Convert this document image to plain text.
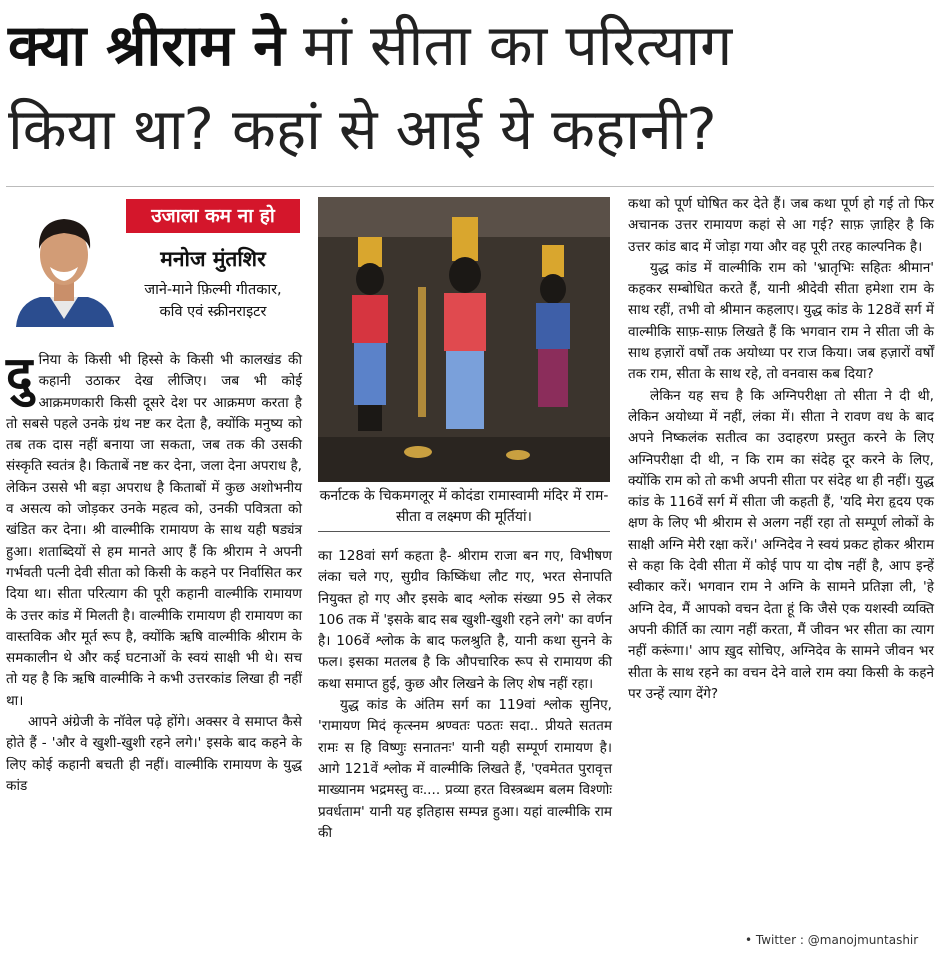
क्या श्रीराम ने मां सीता का परित्याग
किया था? कहां से आई ये कहानी?
उजाला कम ना हो
मनोज मुंतशिर
जाने-माने फ़िल्मी गीतकार,
कवि एवं स्क्रीनराइटर

दुनिया के किसी भी हिस्से के किसी भी कालखंड की कहानी उठाकर देख लीजिए। जब भी कोई आक्रमणकारी किसी दूसरे देश पर आक्रमण करता है तो सबसे पहले उनके ग्रंथ नष्ट कर देता है, क्योंकि मनुष्य को तब तक दास नहीं बनाया जा सकता, जब तक की उसकी संस्कृति स्वतंत्र है। किताबें नष्ट कर देना, जला देना अपराध है, लेकिन उससे भी बड़ा अपराध है किताबों में कुछ अशोभनीय व असत्य को जोड़कर उनके महत्व को, उनकी पवित्रता को खंडित कर देना। श्री वाल्मीकि रामायण के साथ यही षड्यंत्र हुआ। शताब्दियों से हम मानते आए हैं कि श्रीराम ने अपनी गर्भवती पत्नी देवी सीता को किसी के कहने पर निर्वासित कर दिया था। सीता परित्याग की पूरी कहानी वाल्मीकि रामायण के उत्तर कांड में मिलती है। वाल्मीकि रामायण ही रामायण का वास्तविक और मूर्त रूप है, क्योंकि ऋषि वाल्मीकि श्रीराम के समकालीन थे और कई घटनाओं के स्वयं साक्षी भी थे। सच तो यह है कि ऋषि वाल्मीकि ने कभी उत्तरकांड लिखा ही नहीं था।

आपने अंग्रेजी के नॉवेल पढ़े होंगे। अक्सर वे समाप्त कैसे होते हैं - 'और वे खुशी-खुशी रहने लगे।' इसके बाद कहने के लिए कोई कहानी बचती ही नहीं। वाल्मीकि रामायण के युद्ध कांड

कर्नाटक के चिकमगलूर में कोदंडा रामास्वामी मंदिर में राम-सीता व लक्ष्मण की मूर्तियां।

का 128वां सर्ग कहता है- श्रीराम राजा बन गए, विभीषण लंका चले गए, सुग्रीव किष्किंधा लौट गए, भरत सेनापति नियुक्त हो गए और इसके बाद श्लोक संख्या 95 से लेकर 106 तक में 'इसके बाद सब खुशी-खुशी रहने लगे' का वर्णन है। 106वें श्लोक के बाद फलश्रुति है, यानी कथा सुनने के फल। इसका मतलब है कि औपचारिक रूप से रामायण की कथा समाप्त हुई, कुछ और लिखने के लिए शेष नहीं रहा।

युद्ध कांड के अंतिम सर्ग का 119वां श्लोक सुनिए, 'रामायण मिदं कृत्स्नम श्रण्वतः पठतः सदा.. प्रीयते सततम रामः स हि विष्णुः सनातनः' यानी यही सम्पूर्ण रामायण है। आगे 121वें श्लोक में वाल्मीकि लिखते हैं, 'एवमेतत पुरावृत्त माख्यानम भद्रमस्तु वः.... प्रव्या हरत विस्त्रब्धम बलम विश्णोः प्रवर्धताम' यानी यह इतिहास सम्पन्न हुआ। यहां वाल्मीकि राम की

कथा को पूर्ण घोषित कर देते हैं। जब कथा पूर्ण हो गई तो फिर अचानक उत्तर रामायण कहां से आ गई? साफ़ ज़ाहिर है कि उत्तर कांड बाद में जोड़ा गया और वह पूरी तरह काल्पनिक है।

युद्ध कांड में वाल्मीकि राम को 'भ्रातृभिः सहितः श्रीमान' कहकर सम्बोधित करते हैं, यानी श्रीदेवी सीता हमेशा राम के साथ रहीं, तभी वो श्रीमान कहलाए। युद्ध कांड के 128वें सर्ग में वाल्मीकि साफ़-साफ़ लिखते हैं कि भगवान राम ने सीता जी के साथ हज़ारों वर्षों तक अयोध्या पर राज किया। जब हज़ारों वर्षों तक राम, सीता के साथ रहे, तो वनवास कब दिया?

लेकिन यह सच है कि अग्निपरीक्षा तो सीता ने दी थी, लेकिन अयोध्या में नहीं, लंका में। सीता ने रावण वध के बाद अपने निष्कलंक सतीत्व का उदाहरण प्रस्तुत करने के लिए अग्निपरीक्षा दी थी, न कि राम का संदेह दूर करने के लिए, क्योंकि राम को तो कभी अपनी सीता पर संदेह था ही नहीं। युद्ध कांड के 116वें सर्ग में सीता जी कहती हैं, 'यदि मेरा हृदय एक क्षण के लिए भी श्रीराम से अलग नहीं रहा तो सम्पूर्ण लोकों के साक्षी अग्नि मेरी रक्षा करें।' अग्निदेव ने स्वयं प्रकट होकर श्रीराम से कहा कि देवी सीता में कोई पाप या दोष नहीं है, आप इन्हें स्वीकार करें। भगवान राम ने अग्नि के सामने प्रतिज्ञा ली, 'हे अग्नि देव, मैं आपको वचन देता हूं कि जैसे एक यशस्वी व्यक्ति अपनी कीर्ति का त्याग नहीं करता, मैं जीवन भर सीता का त्याग नहीं करूंगा।' आप ख़ुद सोचिए, अग्निदेव के सामने जीवन भर सीता के साथ रहने का वचन देने वाले राम क्या किसी के कहने पर उन्हें त्याग देंगे?

• Twitter : @manojmuntashir
